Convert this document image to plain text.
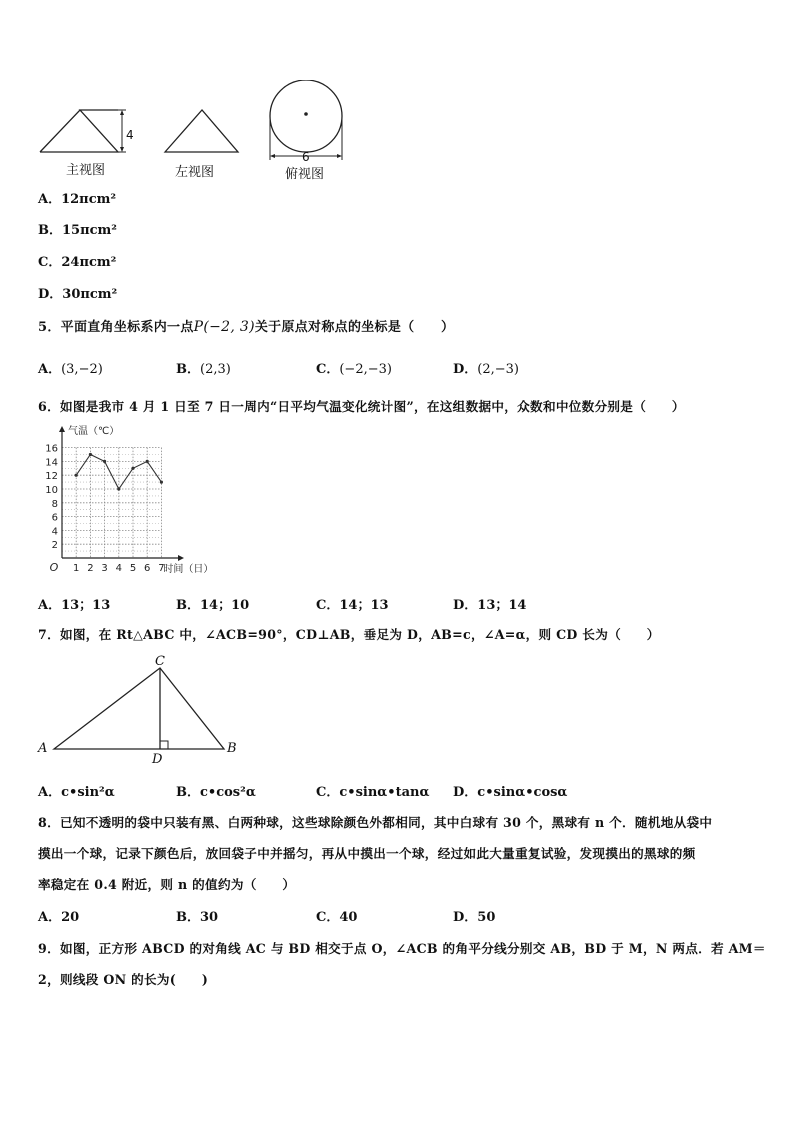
4
6
主视图	左视图	俯视图
A．12πcm²
B．15πcm²
C．24πcm²
D．30πcm²
5．平面直角坐标系内一点P(−2, 3)关于原点对称点的坐标是（　　）
A．(3,−2)	B．(2,3)	C．(−2,−3)	D．(2,−3)
6．如图是我市 4 月 1 日至 7 日一周内“日平均气温变化统计图”，在这组数据中，众数和中位数分别是（　　）
2
4
6
8
10
12
14
16
1 2 3 4 5 6 7
O
气温（℃）
时间（日）
A．13；13	B．14；10	C．14；13	D．13；14
7．如图，在 Rt△ABC 中，∠ACB=90°，CD⊥AB，垂足为 D，AB=c，∠A=α，则 CD 长为（　　）
A	B
C
D
A．c•sin²α	B．c•cos²α	C．c•sinα•tanα D．c•sinα•cosα
8．已知不透明的袋中只装有黑、白两种球，这些球除颜色外都相同，其中白球有 30 个，黑球有 n 个．随机地从袋中
摸出一个球，记录下颜色后，放回袋子中并摇匀，再从中摸出一个球，经过如此大量重复试验，发现摸出的黑球的频
率稳定在 0.4 附近，则 n 的值约为（　　）
A．20	B．30	C．40	D．50
9．如图，正方形 ABCD 的对角线 AC 与 BD 相交于点 O，∠ACB 的角平分线分别交 AB，BD 于 M，N 两点．若 AM＝
2，则线段 ON 的长为(　　)
